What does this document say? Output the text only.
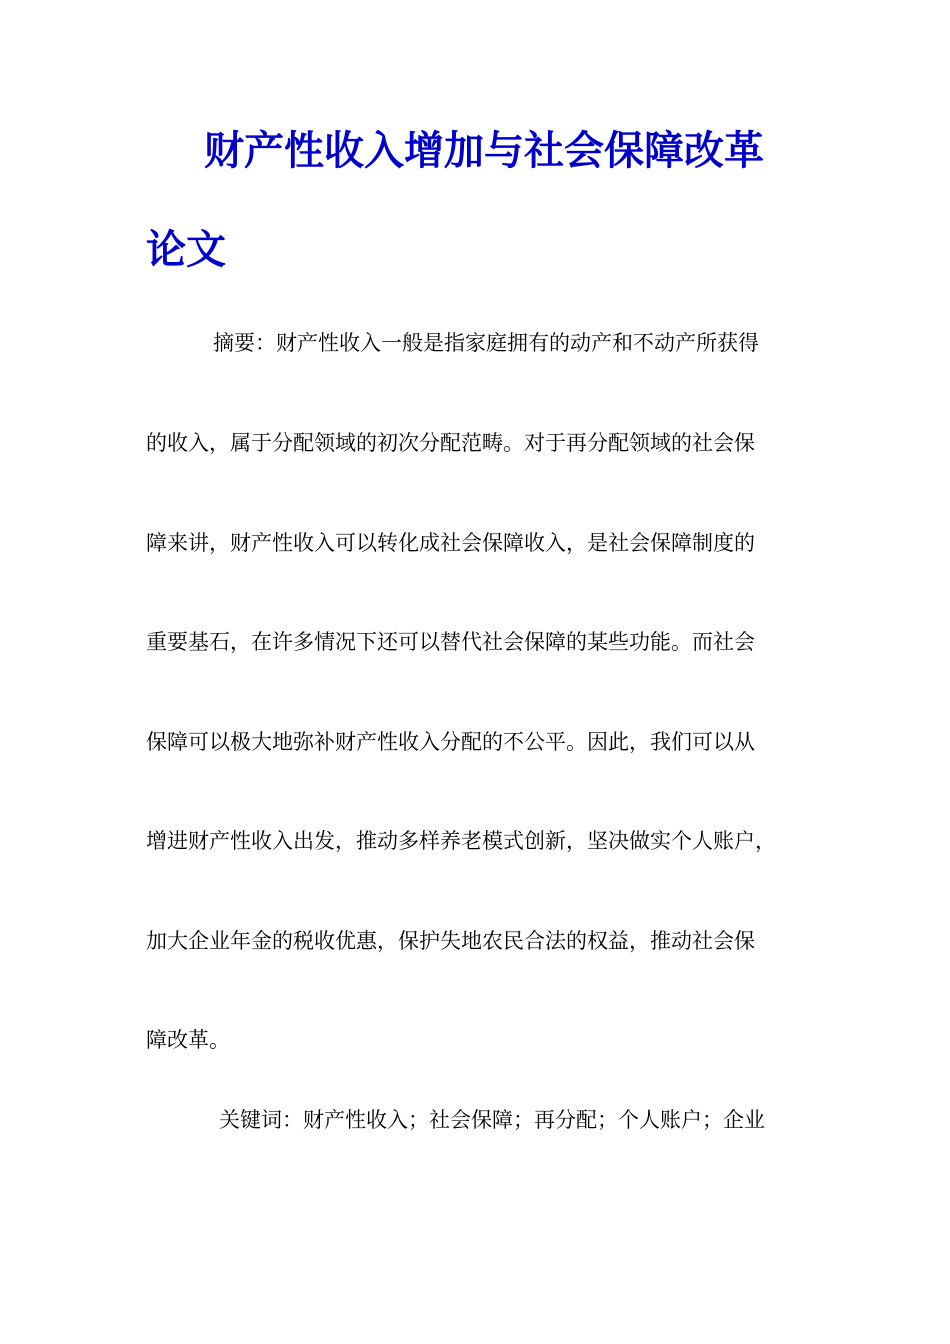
财产性收入增加与社会保障改革
论文

摘要：财产性收入一般是指家庭拥有的动产和不动产所获得

的收入，属于分配领域的初次分配范畴。对于再分配领域的社会保

障来讲，财产性收入可以转化成社会保障收入，是社会保障制度的

重要基石，在许多情况下还可以替代社会保障的某些功能。而社会

保障可以极大地弥补财产性收入分配的不公平。因此，我们可以从

增进财产性收入出发，推动多样养老模式创新，坚决做实个人账户，

加大企业年金的税收优惠，保护失地农民合法的权益，推动社会保

障改革。

关键词：财产性收入；社会保障；再分配；个人账户；企业
